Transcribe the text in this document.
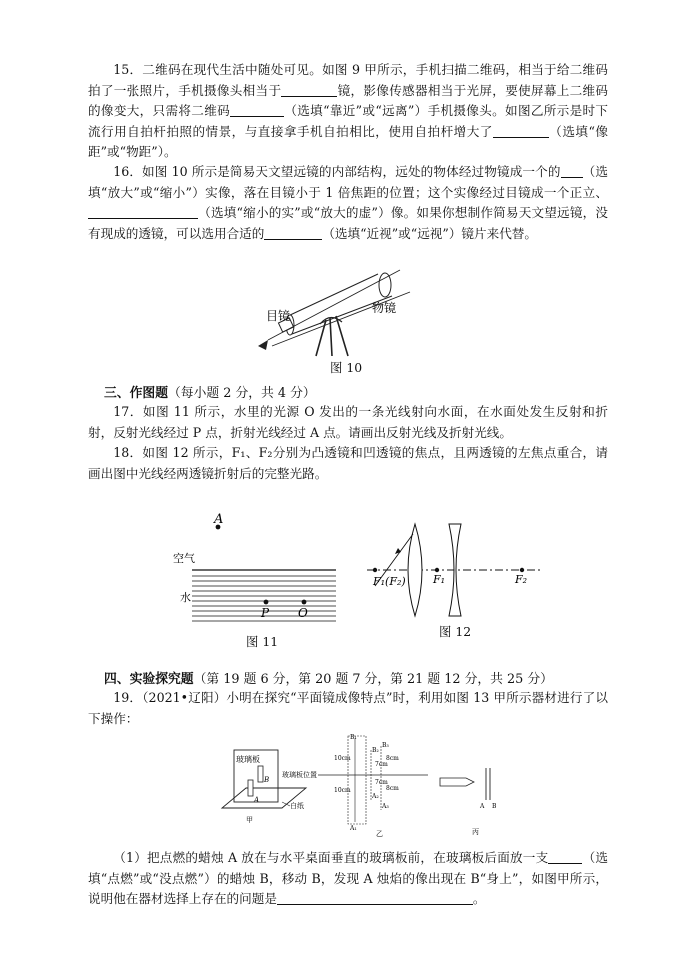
15．二维码在现代生活中随处可见。如图 9 甲所示，手机扫描二维码，相当于给二维码拍了一张照片，手机摄像头相当于	镜，影像传感器相当于光屏，要使屏幕上二维码的像变大，只需将二维码	（选填“靠近”或“远离”）手机摄像头。如图乙所示是时下流行用自拍杆拍照的情景，与直接拿手机自拍相比，使用自拍杆增大了	（选填“像距”或“物距”）。

16．如图 10 所示是简易天文望远镜的内部结构，远处的物体经过物镜成一个的 （选填“放大”或“缩小”）实像，落在目镜小于 1 倍焦距的位置；这个实像经过目镜成一个正立、（选填“缩小的实”或“放大的虚”）像。如果你想制作简易天文望远镜，没有现成的透镜，可以选用合适的	（选填“近视”或“远视”）镜片来代替。

目镜
物镜
图 10

三、作图题（每小题 2 分，共 4 分）

17．如图 11 所示，水里的光源 O 发出的一条光线射向水面，在水面处发生反射和折射，反射光线经过 P 点，折射光线经过 A 点。请画出反射光线及折射光线。

18．如图 12 所示，F₁、F₂分别为凸透镜和凹透镜的焦点，且两透镜的左焦点重合，请画出图中光线经两透镜折射后的完整光路。

A
空气
水
P O
图 11
F₁(F₂) F₁	F₂
图 12

四、实验探究题（第 19 题 6 分，第 20 题 7 分，第 21 题 12 分，共 25 分）

19．（2021•辽阳）小明在探究“平面镜成像特点”时，利用如图 13 甲所示器材进行了以下操作：

玻璃板
B
A
白纸
甲
玻璃板位置
B₁
B₂
B₃
A₁
A₂
A₃
10cm
10cm
7cm
7cm
8cm
8cm
乙
A B
丙

（1）把点燃的蜡烛 A 放在与水平桌面垂直的玻璃板前，在玻璃板后面放一支	（选填“点燃”或“没点燃”）的蜡烛 B，移动 B，发现 A 烛焰的像出现在 B“身上”，如图甲所示，说明他在器材选择上存在的问题是	。
